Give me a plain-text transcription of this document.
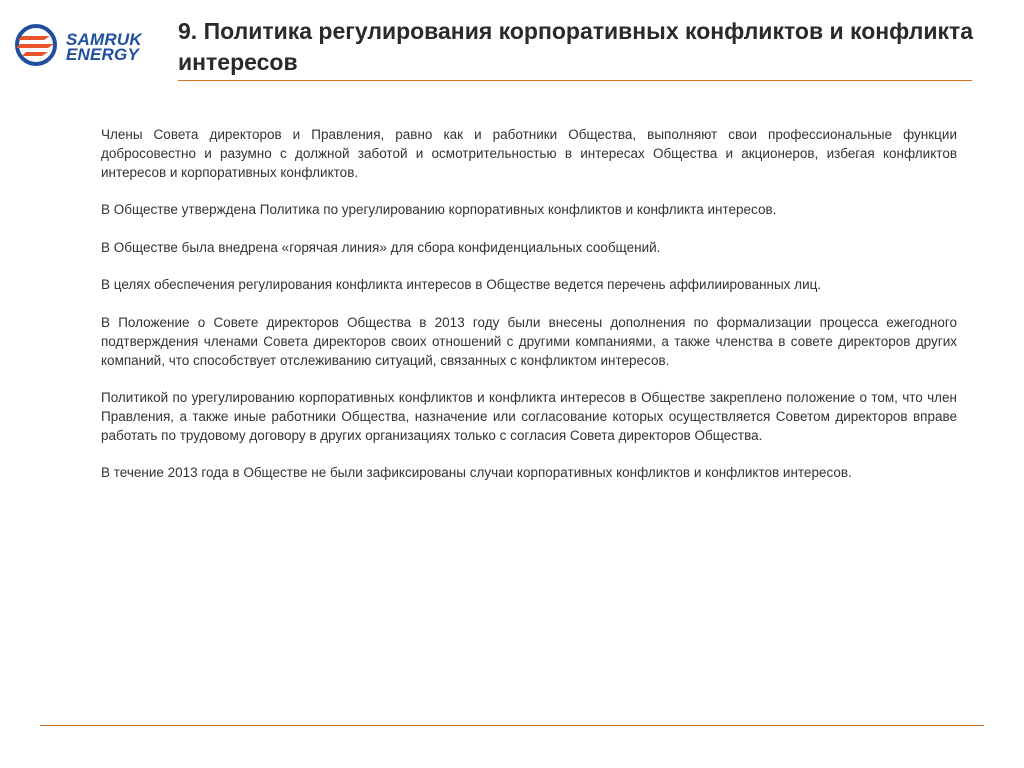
SAMRUK
ENERGY
9. Политика регулирования корпоративных конфликтов и конфликта интересов

Члены Совета директоров и Правления, равно как и работники Общества, выполняют свои профессиональные функции добросовестно и разумно с должной заботой и осмотрительностью в интересах Общества и акционеров, избегая конфликтов интересов и корпоративных конфликтов.

В Обществе утверждена Политика по урегулированию корпоративных конфликтов и конфликта интересов.

В Обществе была внедрена «горячая линия» для сбора конфиденциальных сообщений.

В целях обеспечения регулирования конфликта интересов в Обществе ведется перечень аффилиированных лиц.

В Положение о Совете директоров Общества в 2013 году были внесены дополнения по формализации процесса ежегодного подтверждения членами Совета директоров своих отношений с другими компаниями, а также членства в совете директоров других компаний, что способствует отслеживанию ситуаций, связанных с конфликтом интересов.

Политикой по урегулированию корпоративных конфликтов и конфликта интересов в Обществе закреплено положение о том, что член Правления, а также иные работники Общества, назначение или согласование которых осуществляется Советом директоров вправе работать по трудовому договору в других организациях только с согласия Совета директоров Общества.

В течение 2013 года в Обществе не были зафиксированы случаи корпоративных конфликтов и конфликтов интересов.
